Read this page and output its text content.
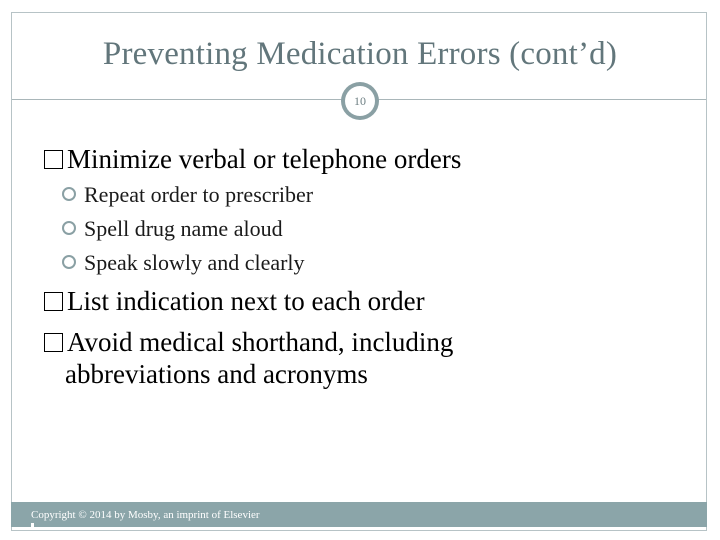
Preventing Medication Errors (cont’d)
10
Minimize verbal or telephone orders
Repeat order to prescriber
Spell drug name aloud
Speak slowly and clearly
List indication next to each order
Avoid medical shorthand, including
abbreviations and acronyms
Copyright © 2014 by Mosby, an imprint of Elsevier
